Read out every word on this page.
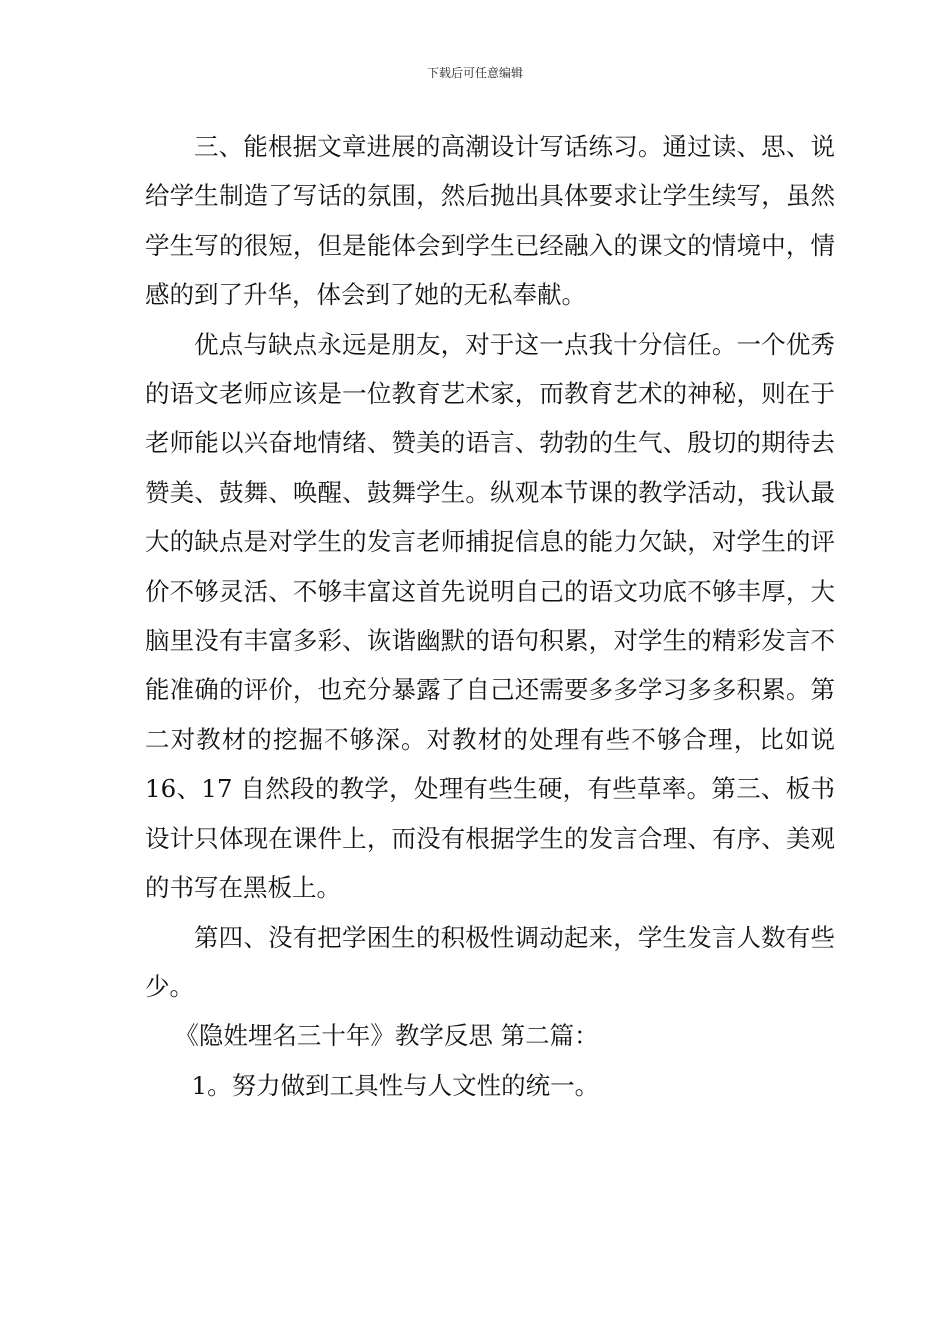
下载后可任意编辑

三、能根据文章进展的高潮设计写话练习。通过读、思、说给学生制造了写话的氛围，然后抛出具体要求让学生续写，虽然学生写的很短，但是能体会到学生已经融入的课文的情境中，情感的到了升华，体会到了她的无私奉献。

优点与缺点永远是朋友，对于这一点我十分信任。一个优秀的语文老师应该是一位教育艺术家，而教育艺术的神秘，则在于老师能以兴奋地情绪、赞美的语言、勃勃的生气、殷切的期待去赞美、鼓舞、唤醒、鼓舞学生。纵观本节课的教学活动，我认最大的缺点是对学生的发言老师捕捉信息的能力欠缺，对学生的评价不够灵活、不够丰富这首先说明自己的语文功底不够丰厚，大脑里没有丰富多彩、诙谐幽默的语句积累，对学生的精彩发言不能准确的评价，也充分暴露了自己还需要多多学习多多积累。第二对教材的挖掘不够深。对教材的处理有些不够合理，比如说 16、17 自然段的教学，处理有些生硬，有些草率。第三、板书设计只体现在课件上，而没有根据学生的发言合理、有序、美观的书写在黑板上。

第四、没有把学困生的积极性调动起来，学生发言人数有些少。

《隐姓埋名三十年》教学反思 第二篇：

1。努力做到工具性与人文性的统一。
